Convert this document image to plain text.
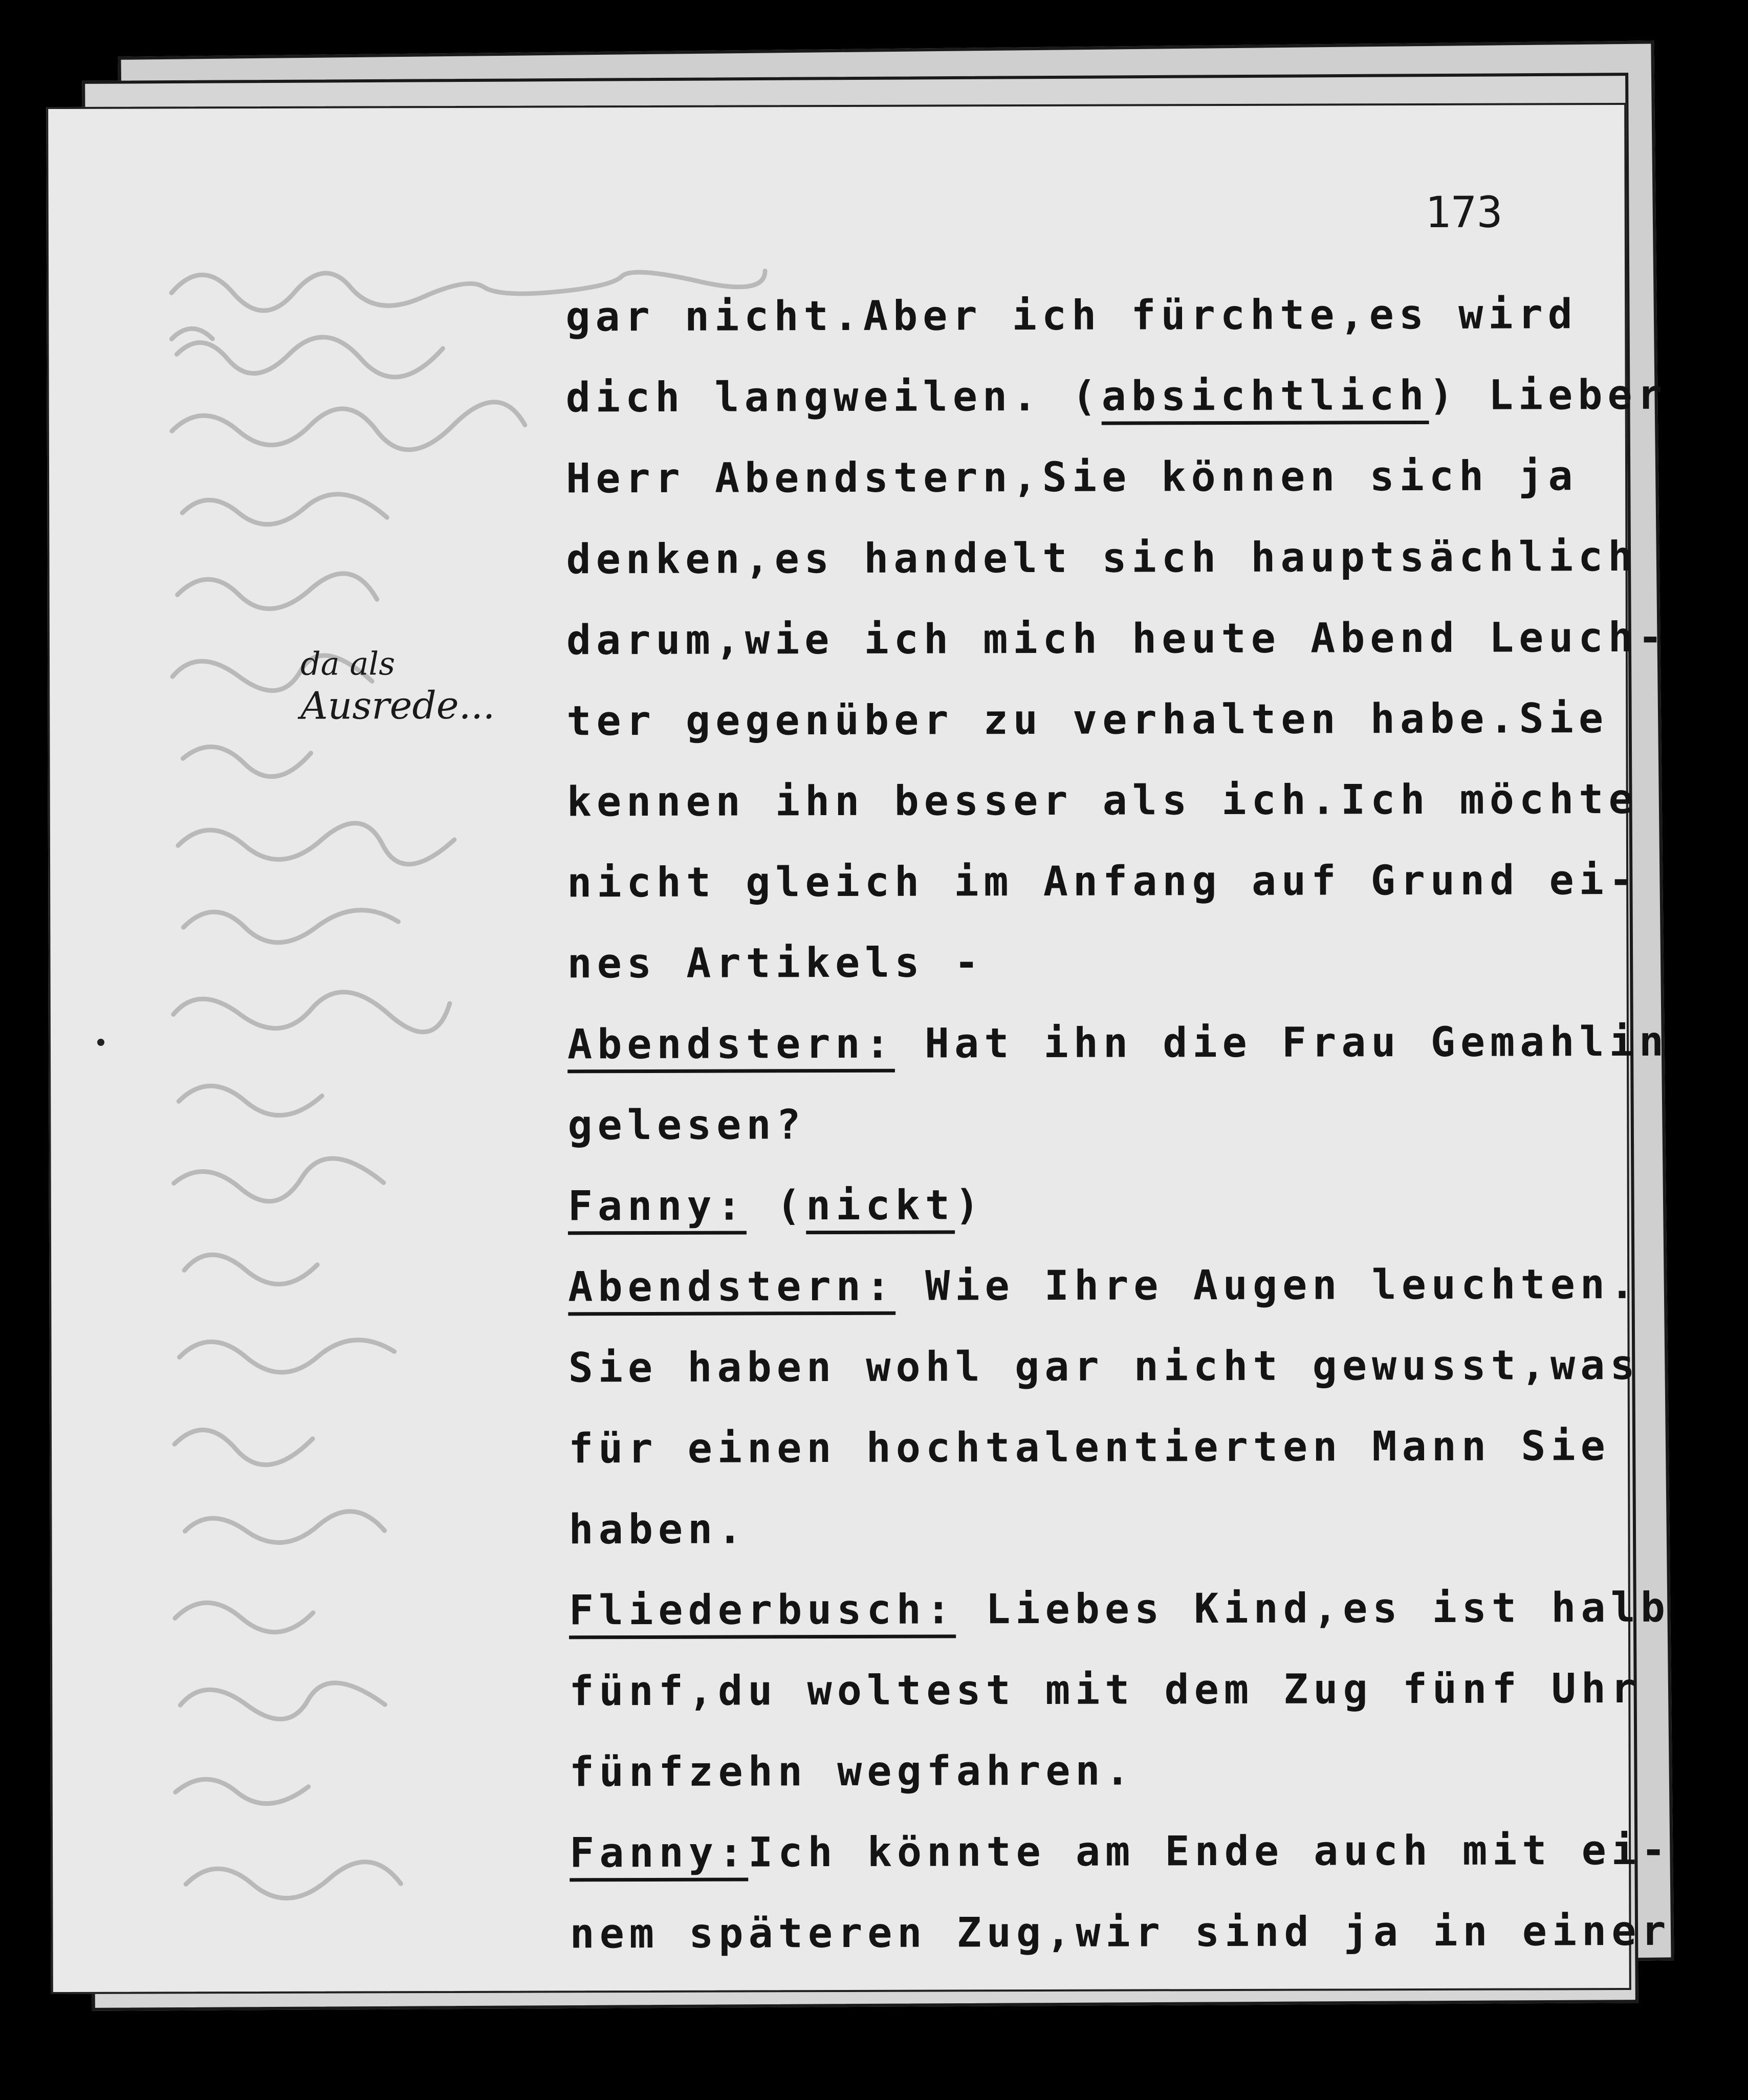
173
da als
Ausrede...
gar nicht.Aber ich fürchte,es wird
dich langweilen. (absichtlich) Lieber
Herr Abendstern,Sie können sich ja
denken,es handelt sich hauptsächlich
darum,wie ich mich heute Abend Leuch-
ter gegenüber zu verhalten habe.Sie
kennen ihn besser als ich.Ich möchte
nicht gleich im Anfang auf Grund ei-
nes Artikels -
Abendstern: Hat ihn die Frau Gemahlin
gelesen?
Fanny: (nickt)
Abendstern: Wie Ihre Augen leuchten.
Sie haben wohl gar nicht gewusst,was
für einen hochtalentierten Mann Sie
haben.
Fliederbusch: Liebes Kind,es ist halb
fünf,du woltest mit dem Zug fünf Uhr
fünfzehn wegfahren.
Fanny:Ich könnte am Ende auch mit ei-
nem späteren Zug,wir sind ja in einer
